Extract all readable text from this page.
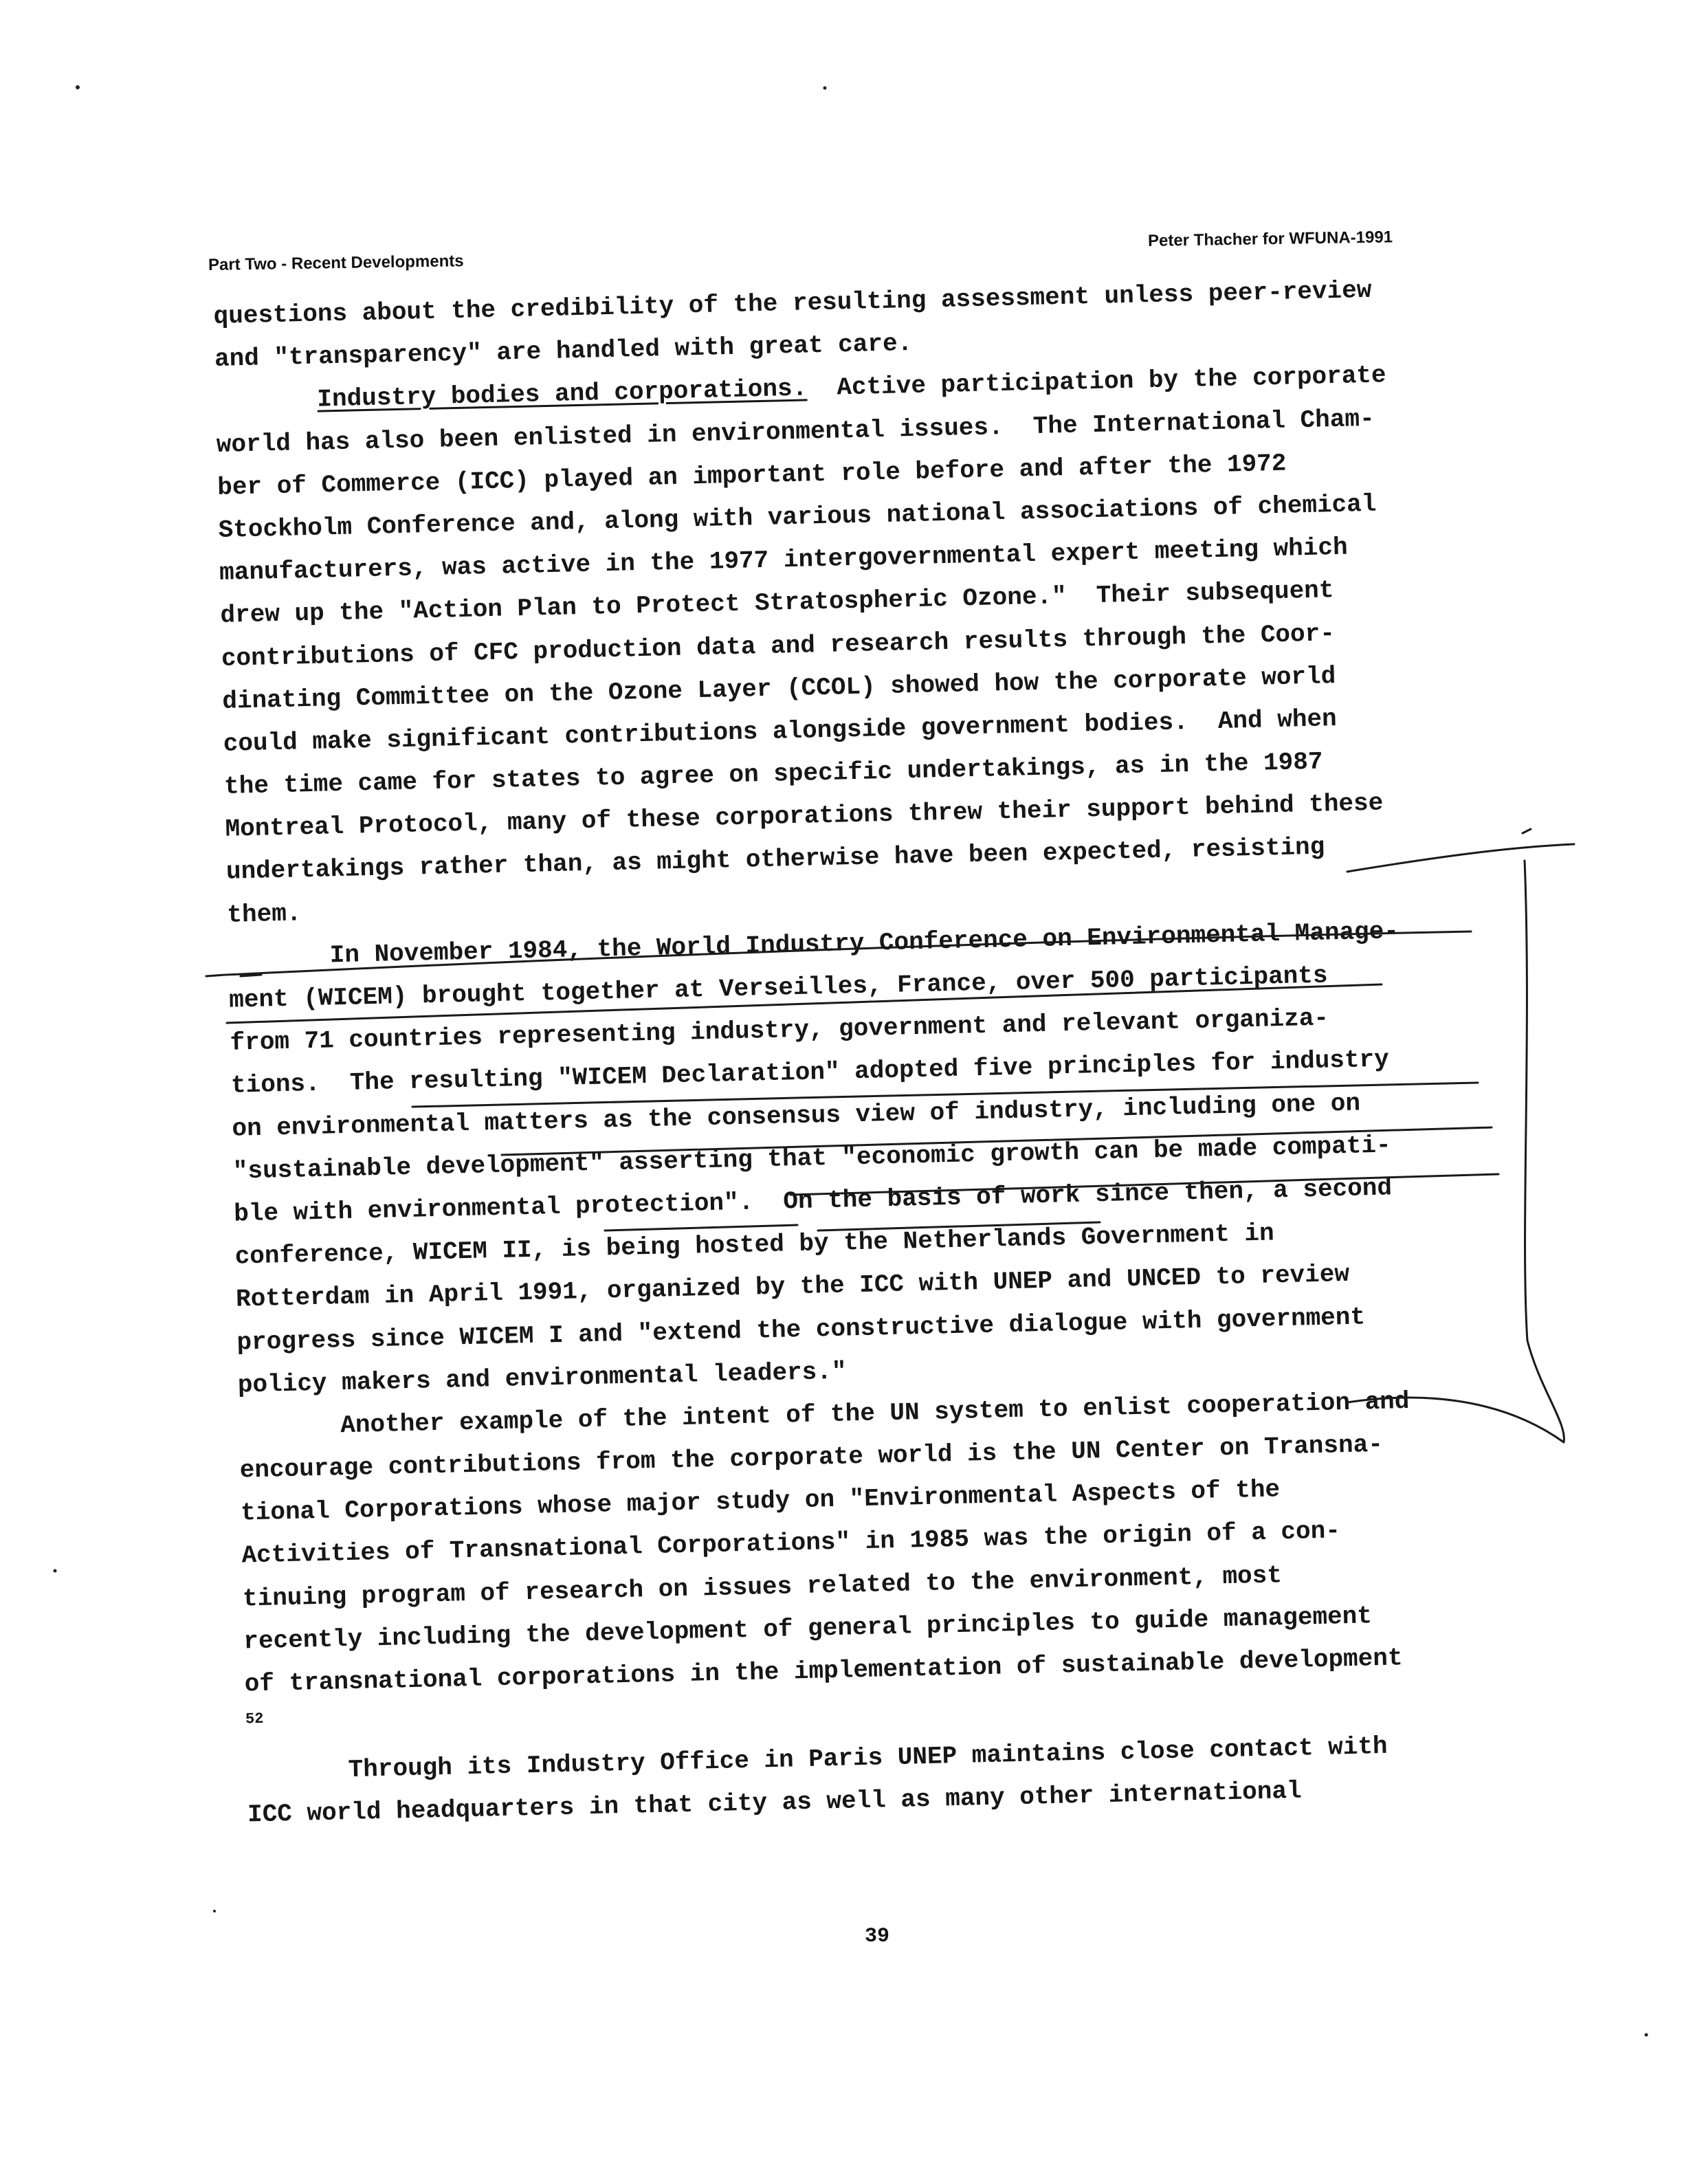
Part Two - Recent Developments
Peter Thacher for WFUNA-1991
questions about the credibility of the resulting assessment unless peer-review
and "transparency" are handled with great care.
Industry bodies and corporations.  Active participation by the corporate
world has also been enlisted in environmental issues.  The International Cham-
ber of Commerce (ICC) played an important role before and after the 1972
Stockholm Conference and, along with various national associations of chemical
manufacturers, was active in the 1977 intergovernmental expert meeting which
drew up the "Action Plan to Protect Stratospheric Ozone."  Their subsequent
contributions of CFC production data and research results through the Coor-
dinating Committee on the Ozone Layer (CCOL) showed how the corporate world
could make significant contributions alongside government bodies.  And when
the time came for states to agree on specific undertakings, as in the 1987
Montreal Protocol, many of these corporations threw their support behind these
undertakings rather than, as might otherwise have been expected, resisting
them.
In November 1984, the World Industry Conference on Environmental Manage-
ment (WICEM) brought together at Verseilles, France, over 500 participants
from 71 countries representing industry, government and relevant organiza-
tions.  The resulting "WICEM Declaration" adopted five principles for industry
on environmental matters as the consensus view of industry, including one on
"sustainable development" asserting that "economic growth can be made compati-
ble with environmental protection".  On the basis of work since then, a second
conference, WICEM II, is being hosted by the Netherlands Government in
Rotterdam in April 1991, organized by the ICC with UNEP and UNCED to review
progress since WICEM I and "extend the constructive dialogue with government
policy makers and environmental leaders."
Another example of the intent of the UN system to enlist cooperation and
encourage contributions from the corporate world is the UN Center on Transna-
tional Corporations whose major study on "Environmental Aspects of the
Activities of Transnational Corporations" in 1985 was the origin of a con-
tinuing program of research on issues related to the environment, most
recently including the development of general principles to guide management
of transnational corporations in the implementation of sustainable development
52
Through its Industry Office in Paris UNEP maintains close contact with
ICC world headquarters in that city as well as many other international
39
